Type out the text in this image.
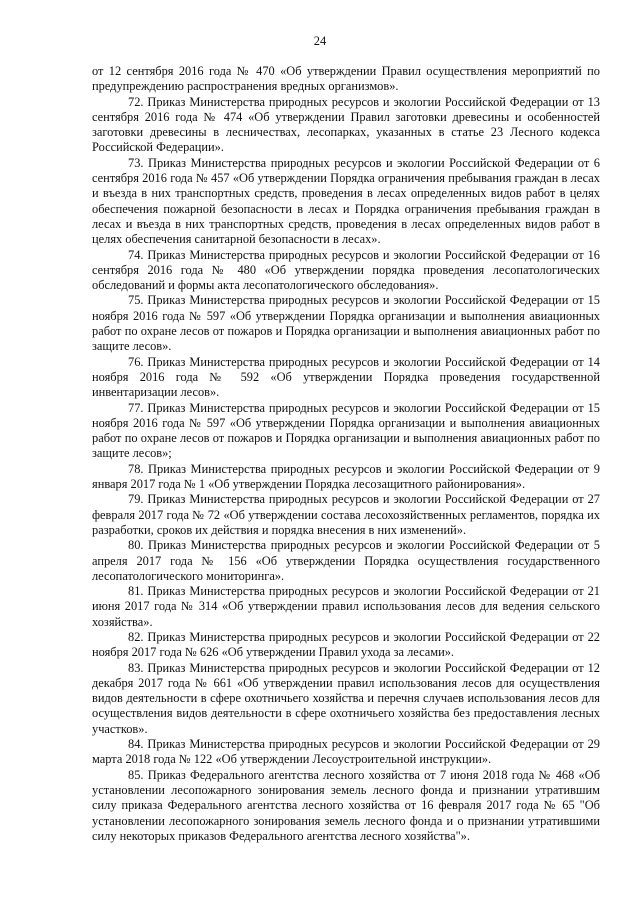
24

от 12 сентября 2016 года № 470 «Об утверждении Правил осуществления мероприятий по предупреждению распространения вредных организмов».

72. Приказ Министерства природных ресурсов и экологии Российской Федерации от 13 сентября 2016 года № 474 «Об утверждении Правил заготовки древесины и особенностей заготовки древесины в лесничествах, лесопарках, указанных в статье 23 Лесного кодекса Российской Федерации».

73. Приказ Министерства природных ресурсов и экологии Российской Федерации от 6 сентября 2016 года № 457 «Об утверждении Порядка ограничения пребывания граждан в лесах и въезда в них транспортных средств, проведения в лесах определенных видов работ в целях обеспечения пожарной безопасности в лесах и Порядка ограничения пребывания граждан в лесах и въезда в них транспортных средств, проведения в лесах определенных видов работ в целях обеспечения санитарной безопасности в лесах».

74. Приказ Министерства природных ресурсов и экологии Российской Федерации от 16 сентября 2016 года № 480 «Об утверждении порядка проведения лесопатологических обследований и формы акта лесопатологического обследования».

75. Приказ Министерства природных ресурсов и экологии Российской Федерации от 15 ноября 2016 года № 597 «Об утверждении Порядка организации и выполнения авиационных работ по охране лесов от пожаров и Порядка организации и выполнения авиационных работ по защите лесов».

76. Приказ Министерства природных ресурсов и экологии Российской Федерации от 14 ноября 2016 года № 592 «Об утверждении Порядка проведения государственной инвентаризации лесов».

77. Приказ Министерства природных ресурсов и экологии Российской Федерации от 15 ноября 2016 года № 597 «Об утверждении Порядка организации и выполнения авиационных работ по охране лесов от пожаров и Порядка организации и выполнения авиационных работ по защите лесов»;

78. Приказ Министерства природных ресурсов и экологии Российской Федерации от 9 января 2017 года № 1 «Об утверждении Порядка лесозащитного районирования».

79. Приказ Министерства природных ресурсов и экологии Российской Федерации от 27 февраля 2017 года № 72 «Об утверждении состава лесохозяйственных регламентов, порядка их разработки, сроков их действия и порядка внесения в них изменений».

80. Приказ Министерства природных ресурсов и экологии Российской Федерации от 5 апреля 2017 года № 156 «Об утверждении Порядка осуществления государственного лесопатологического мониторинга».

81. Приказ Министерства природных ресурсов и экологии Российской Федерации от 21 июня 2017 года № 314 «Об утверждении правил использования лесов для ведения сельского хозяйства».

82. Приказ Министерства природных ресурсов и экологии Российской Федерации от 22 ноября 2017 года № 626 «Об утверждении Правил ухода за лесами».

83. Приказ Министерства природных ресурсов и экологии Российской Федерации от 12 декабря 2017 года № 661 «Об утверждении правил использования лесов для осуществления видов деятельности в сфере охотничьего хозяйства и перечня случаев использования лесов для осуществления видов деятельности в сфере охотничьего хозяйства без предоставления лесных участков».

84. Приказ Министерства природных ресурсов и экологии Российской Федерации от 29 марта 2018 года № 122 «Об утверждении Лесоустроительной инструкции».

85. Приказ Федерального агентства лесного хозяйства от 7 июня 2018 года № 468 «Об установлении лесопожарного зонирования земель лесного фонда и признании утратившим силу приказа Федерального агентства лесного хозяйства от 16 февраля 2017 года № 65 "Об установлении лесопожарного зонирования земель лесного фонда и о признании утратившими силу некоторых приказов Федерального агентства лесного хозяйства"».
